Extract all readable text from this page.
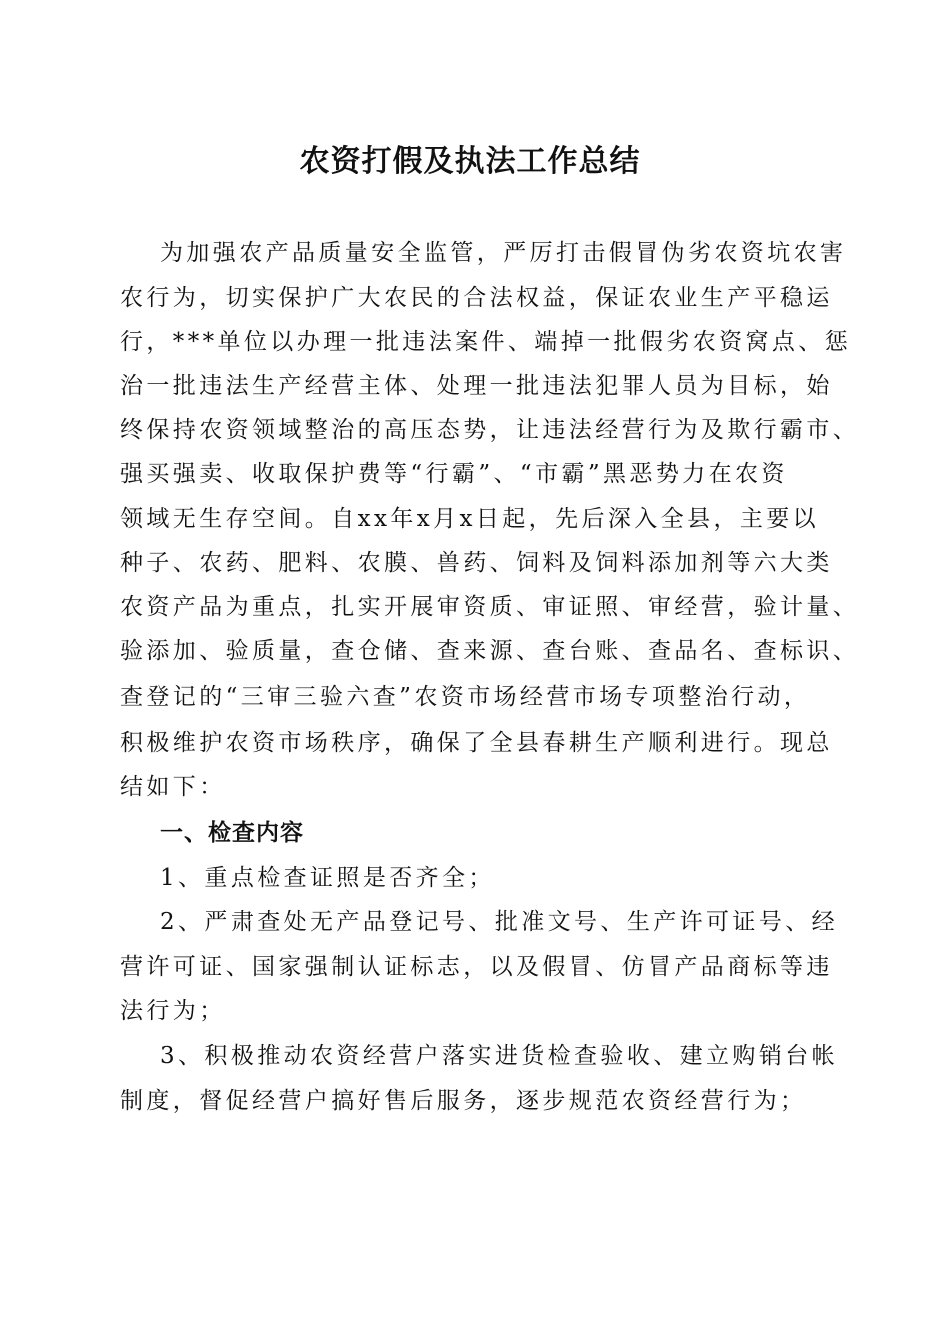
农资打假及执法工作总结
为加强农产品质量安全监管，严厉打击假冒伪劣农资坑农害
农行为，切实保护广大农民的合法权益，保证农业生产平稳运
行，***单位以办理一批违法案件、端掉一批假劣农资窝点、惩
治一批违法生产经营主体、处理一批违法犯罪人员为目标，始
终保持农资领域整治的高压态势，让违法经营行为及欺行霸市、
强买强卖、收取保护费等“行霸”、“市霸”黑恶势力在农资
领域无生存空间。自xx年x月x日起，先后深入全县，主要以
种子、农药、肥料、农膜、兽药、饲料及饲料添加剂等六大类
农资产品为重点，扎实开展审资质、审证照、审经营，验计量、
验添加、验质量，查仓储、查来源、查台账、查品名、查标识、
查登记的“三审三验六查”农资市场经营市场专项整治行动，
积极维护农资市场秩序，确保了全县春耕生产顺利进行。现总
结如下：
一、检查内容
1、重点检查证照是否齐全；
2、严肃查处无产品登记号、批准文号、生产许可证号、经
营许可证、国家强制认证标志，以及假冒、仿冒产品商标等违
法行为；
3、积极推动农资经营户落实进货检查验收、建立购销台帐
制度，督促经营户搞好售后服务，逐步规范农资经营行为；
